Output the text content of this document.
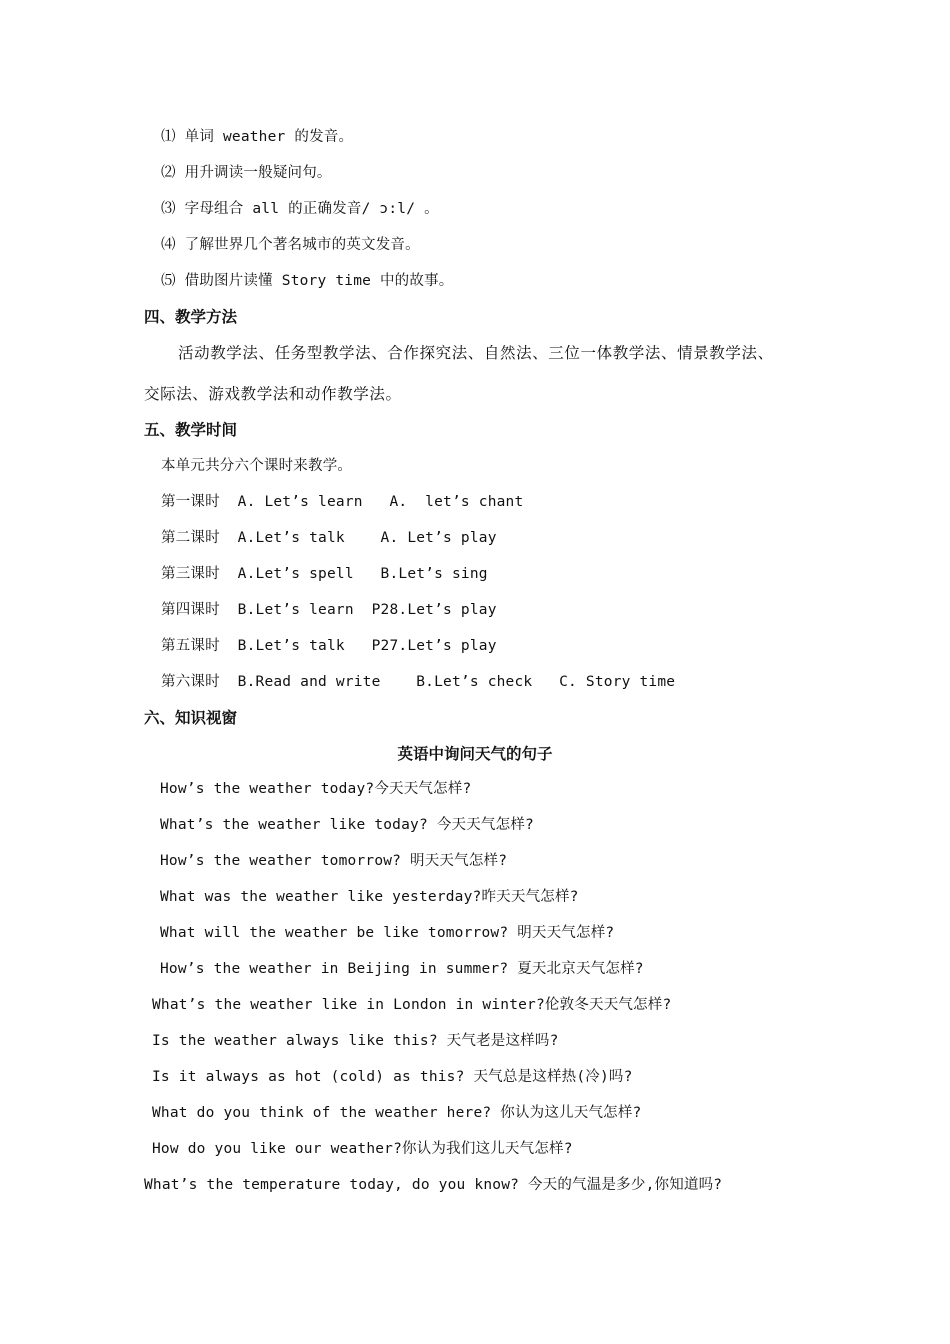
⑴ 单词 weather 的发音。
⑵ 用升调读一般疑问句。
⑶ 字母组合 all 的正确发音/ ɔ:l/ 。
⑷ 了解世界几个著名城市的英文发音。
⑸ 借助图片读懂 Story time 中的故事。
四、教学方法
活动教学法、任务型教学法、合作探究法、自然法、三位一体教学法、情景教学法、
交际法、游戏教学法和动作教学法。
五、教学时间
本单元共分六个课时来教学。
第一课时  A. Let’s learn   A.  let’s chant
第二课时  A.Let’s talk    A. Let’s play
第三课时  A.Let’s spell   B.Let’s sing
第四课时  B.Let’s learn  P28.Let’s play
第五课时  B.Let’s talk   P27.Let’s play
第六课时  B.Read and write    B.Let’s check   C. Story time
六、知识视窗
英语中询问天气的句子
How’s the weather today?今天天气怎样?
What’s the weather like today? 今天天气怎样?
How’s the weather tomorrow? 明天天气怎样?
What was the weather like yesterday?昨天天气怎样?
What will the weather be like tomorrow? 明天天气怎样?
How’s the weather in Beijing in summer? 夏天北京天气怎样?
What’s the weather like in London in winter?伦敦冬天天气怎样?
Is the weather always like this? 天气老是这样吗?
Is it always as hot (cold) as this? 天气总是这样热(冷)吗?
What do you think of the weather here? 你认为这儿天气怎样?
How do you like our weather?你认为我们这儿天气怎样?
What’s the temperature today, do you know? 今天的气温是多少,你知道吗?
